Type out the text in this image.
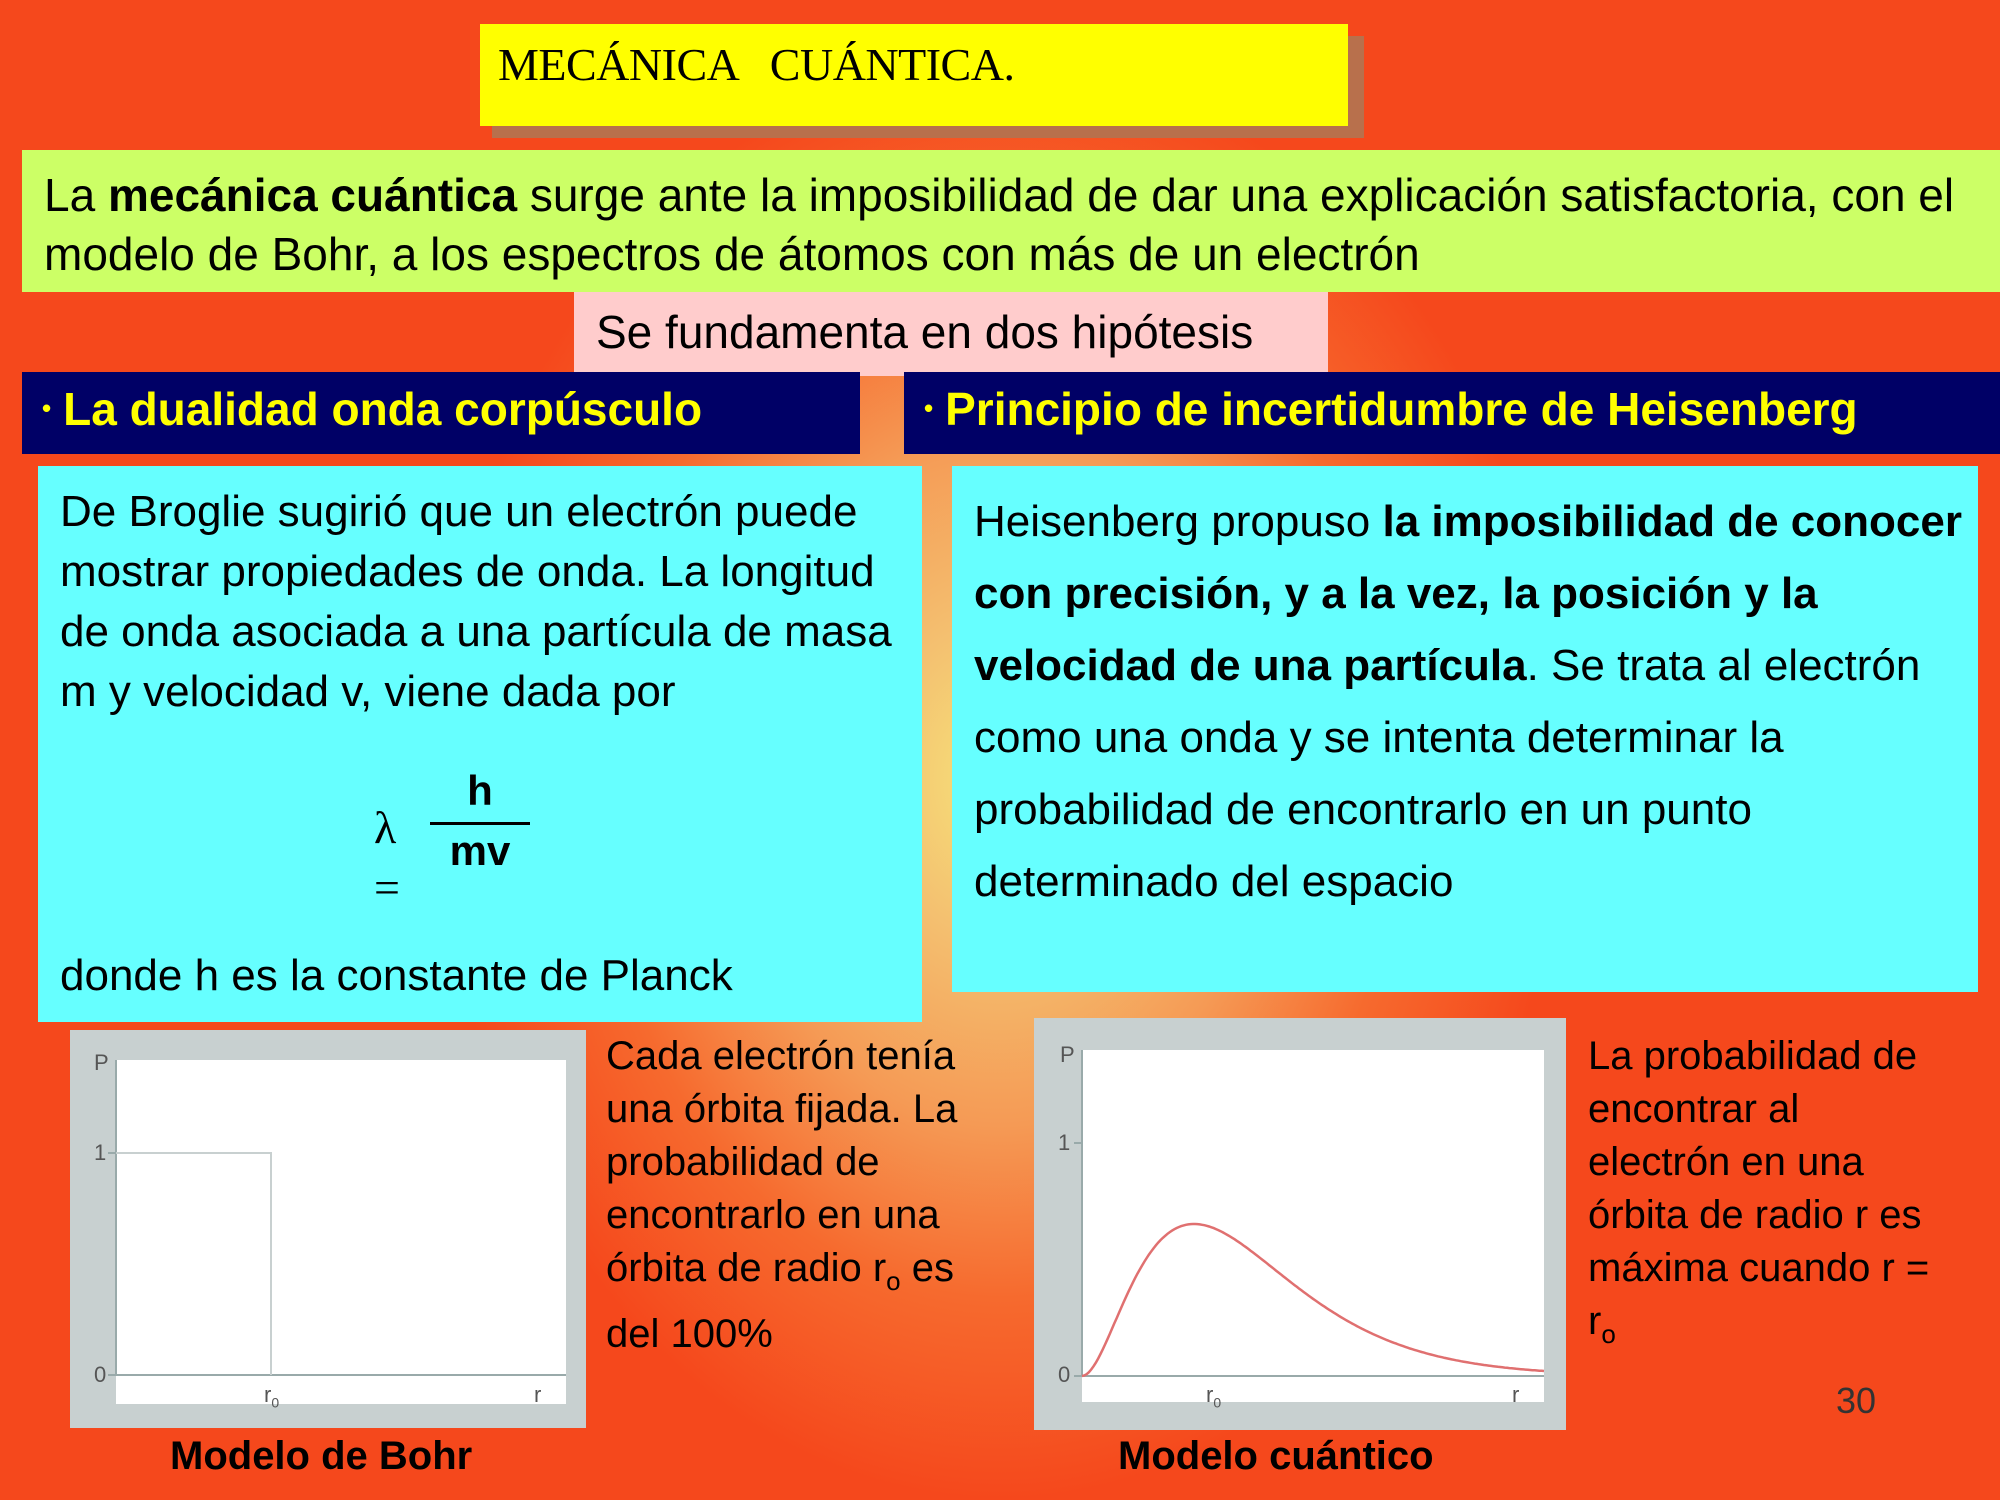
MECÁNICA   CUÁNTICA.
La mecánica cuántica surge ante la imposibilidad de dar una explicación satisfactoria, con el modelo de Bohr, a los espectros de átomos con más de un electrón
Se fundamenta en dos hipótesis
• La dualidad onda corpúsculo	• Principio de incertidumbre de Heisenberg
De Broglie sugirió que un electrón puede mostrar propiedades de onda. La longitud de onda asociada a una partícula de masa m y velocidad v, viene dada por
λ =
h
mv
donde h es la constante de Planck
Heisenberg propuso la imposibilidad de conocer con precisión, y a la vez, la posición y la velocidad de una partícula. Se trata al electrón como una onda y se intenta determinar la probabilidad de encontrarlo en un punto determinado del espacio
P
1
0
$r_0$	r
Modelo de Bohr
Cada electrón tenía una órbita fijada. La probabilidad de encontrarlo en una órbita de radio $r_o$ es
del 100%
P
1
0
$r_0$	r
Modelo cuántico
La probabilidad de encontrar al electrón en una órbita de radio r es máxima cuando $r = r_o$
30
